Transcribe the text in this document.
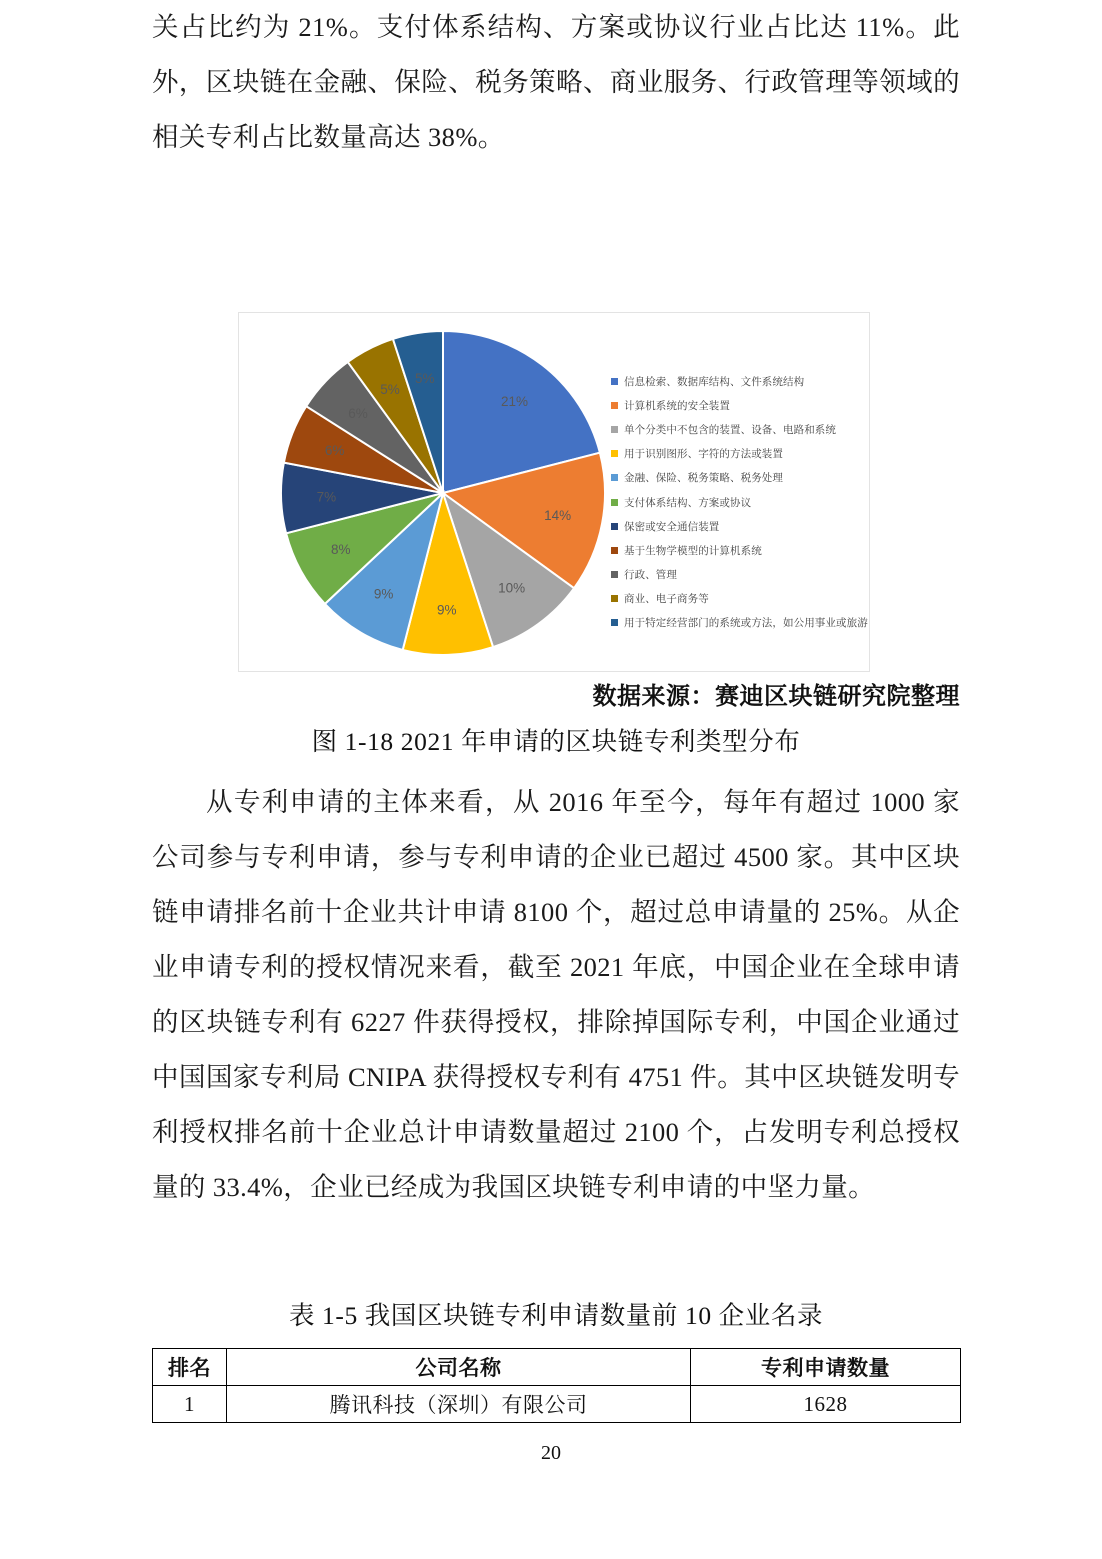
关占比约为 21%。支付体系结构、方案或协议行业占比达 11%。此外，区块链在金融、保险、税务策略、商业服务、行政管理等领域的相关专利占比数量高达 38%。

21%
14%
10%
9%
9%
8%
7%
6%
6%
5%
5%	信息检索、数据库结构、文件系统结构
计算机系统的安全装置
单个分类中不包含的装置、设备、电路和系统
用于识别图形、字符的方法或装置
金融、保险、税务策略、税务处理
支付体系结构、方案或协议
保密或安全通信装置
基于生物学模型的计算机系统
行政、管理
商业、电子商务等
用于特定经营部门的系统或方法，如公用事业或旅游
数据来源：赛迪区块链研究院整理
图 1-18 2021 年申请的区块链专利类型分布

从专利申请的主体来看，从 2016 年至今，每年有超过 1000 家公司参与专利申请，参与专利申请的企业已超过 4500 家。其中区块链申请排名前十企业共计申请 8100 个，超过总申请量的 25%。从企业申请专利的授权情况来看，截至 2021 年底，中国企业在全球申请的区块链专利有 6227 件获得授权，排除掉国际专利，中国企业通过中国国家专利局 CNIPA 获得授权专利有 4751 件。其中区块链发明专利授权排名前十企业总计申请数量超过 2100 个，占发明专利总授权量的 33.4%，企业已经成为我国区块链专利申请的中坚力量。

表 1-5 我国区块链专利申请数量前 10 企业名录
排名	公司名称	专利申请数量
1	腾讯科技（深圳）有限公司	1628
20
